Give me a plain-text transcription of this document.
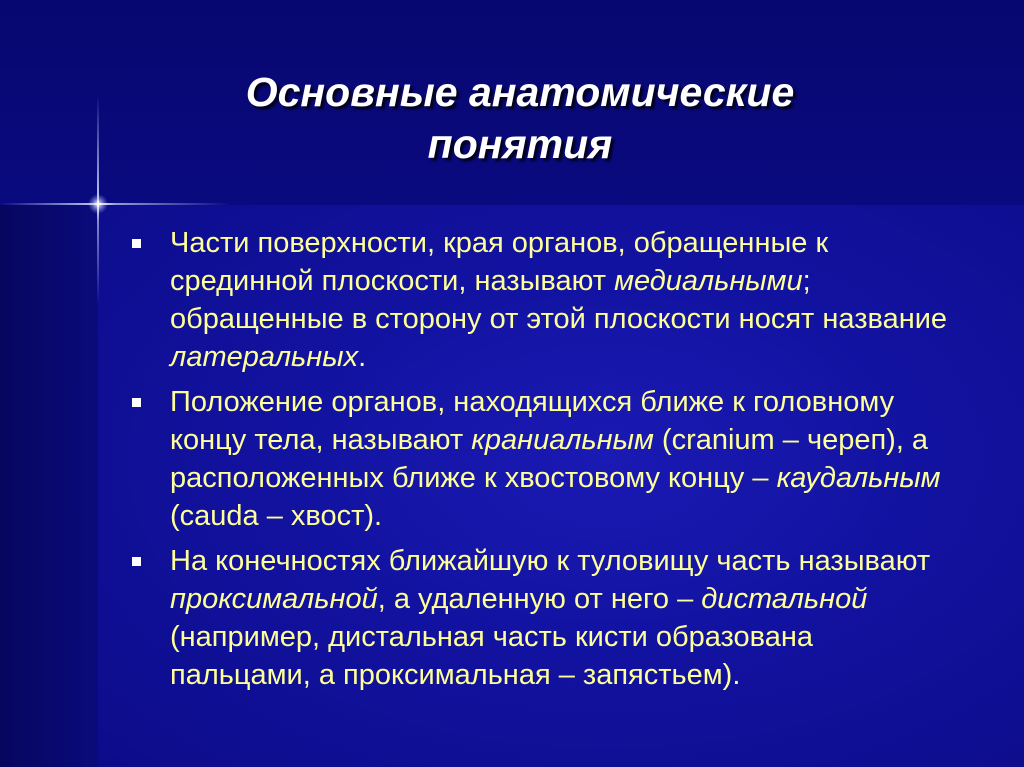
Основные анатомические
понятия
Части поверхности, края органов, обращенные к срединной плоскости, называют медиальными; обращенные в сторону от этой плоскости носят название латеральных.
Положение органов, находящихся ближе к головному концу тела, называют краниальным (cranium – череп), а расположенных ближе к хвостовому концу – каудальным (cauda – хвост).
На конечностях ближайшую к туловищу часть называют проксимальной, а удаленную от него – дистальной (например, дистальная часть кисти образована пальцами, а проксимальная – запястьем).
